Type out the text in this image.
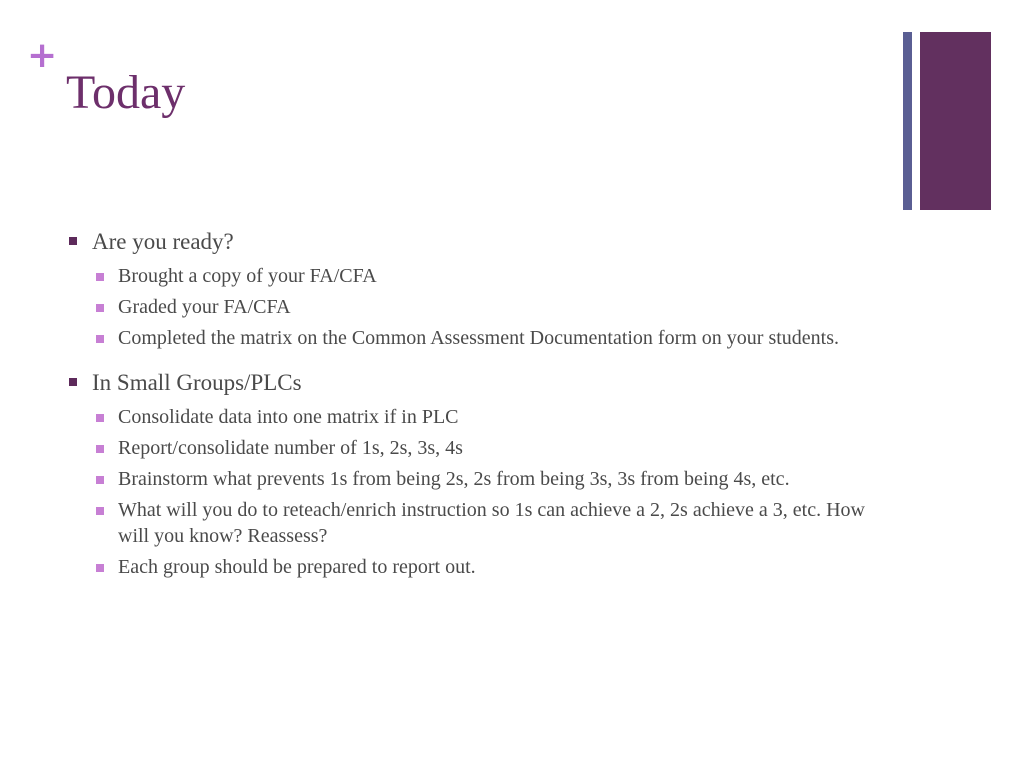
+
Today
Are you ready?
Brought a copy of your FA/CFA
Graded your FA/CFA
Completed the matrix on the Common Assessment Documentation form on your students.
In Small Groups/PLCs
Consolidate data into one matrix if in PLC
Report/consolidate number of 1s, 2s, 3s, 4s
Brainstorm what prevents 1s from being 2s, 2s from being 3s, 3s from being 4s, etc.
What will you do to reteach/enrich instruction so 1s can achieve a 2, 2s achieve a 3, etc. How will you know? Reassess?
Each group should be prepared to report out.
